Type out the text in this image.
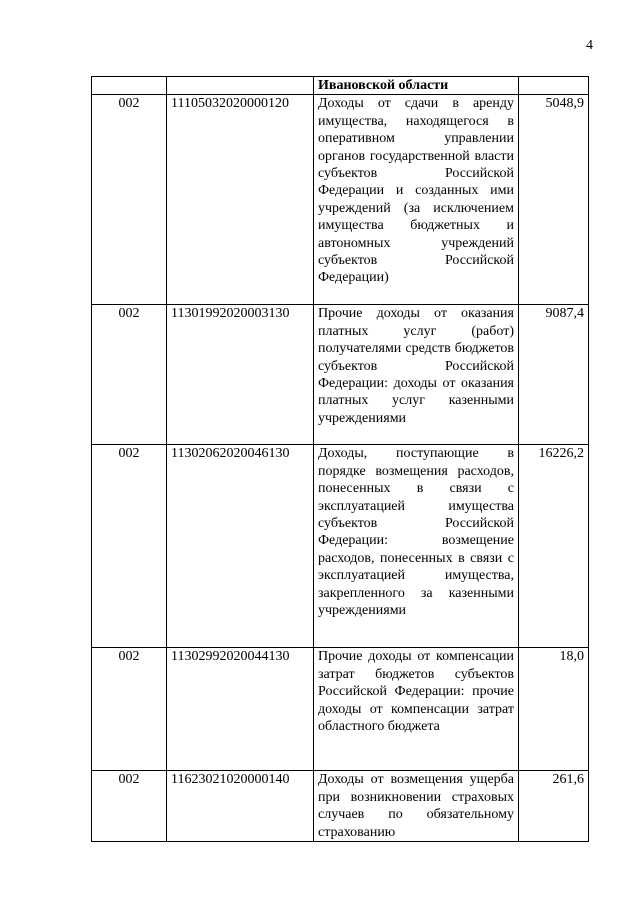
4
		Ивановской области	
002	11105032020000120	Доходы от сдачи в аренду имущества, находящегося в оперативном управлении органов государственной власти субъектов Российской Федерации и созданных ими учреждений (за исключением имущества бюджетных и автономных учреждений субъектов Российской Федерации)	5048,9
002	11301992020003130	Прочие доходы от оказания платных услуг (работ) получателями средств бюджетов субъектов Российской Федерации: доходы от оказания платных услуг казенными учреждениями	9087,4
002	11302062020046130	Доходы, поступающие в порядке возмещения расходов, понесенных в связи с эксплуатацией имущества субъектов Российской Федерации: возмещение расходов, понесенных в связи с эксплуатацией имущества, закрепленного за казенными учреждениями	16226,2
002	11302992020044130	Прочие доходы от компенсации затрат бюджетов субъектов Российской Федерации: прочие доходы от компенсации затрат областного бюджета	18,0
002	11623021020000140	Доходы от возмещения ущерба при возникновении страховых случаев по обязательному страхованию	261,6
